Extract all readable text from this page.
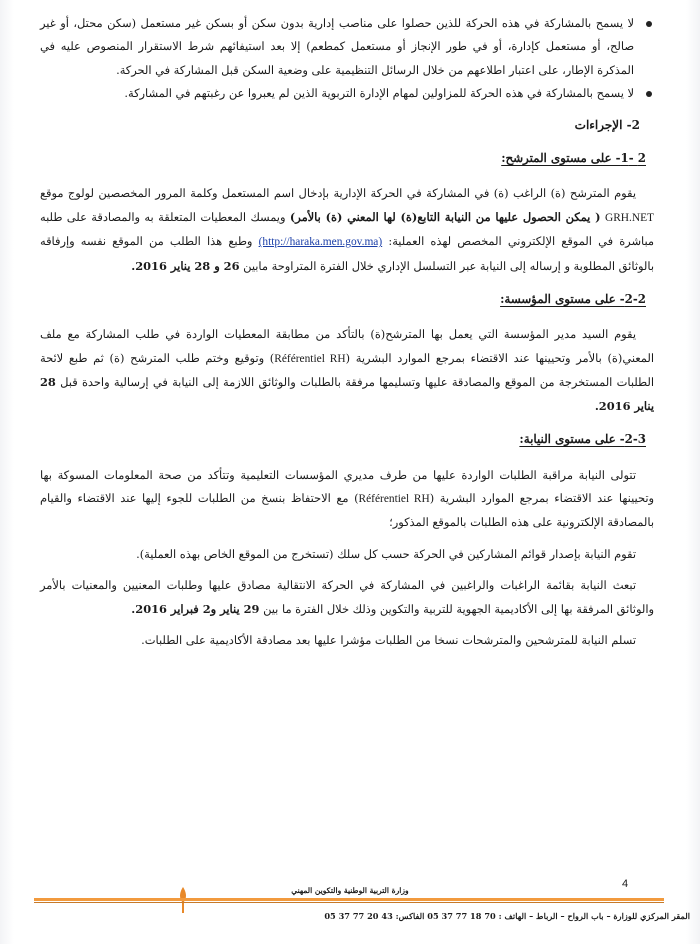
لا يسمح بالمشاركة في هذه الحركة للذين حصلوا على مناصب إدارية بدون سكن أو بسكن غير مستعمل (سكن محتل، أو غير صالح، أو مستعمل كإدارة، أو في طور الإنجاز أو مستعمل كمطعم) إلا بعد استيفائهم شرط الاستقرار المنصوص عليه في المذكرة الإطار، على اعتبار اطلاعهم من خلال الرسائل التنظيمية على وضعية السكن قبل المشاركة في الحركة.
لا يسمح بالمشاركة في هذه الحركة للمزاولين لمهام الإدارة التربوية الذين لم يعبروا عن رغبتهم في المشاركة.
2- الإجراءات
2 -1- على مستوى المترشح:

يقوم المترشح (ة) الراغب (ة) في المشاركة في الحركة الإدارية بإدخال اسم المستعمل وكلمة المرور المخصصين لولوج موقع GRH.NET ( يمكن الحصول عليها من النيابة التابع(ة) لها المعني (ة) بالأمر) ويمسك المعطيات المتعلقة به والمصادقة على طلبه مباشرة في الموقع الإلكتروني المخصص لهذه العملية: (http://haraka.men.gov.ma) وطبع هذا الطلب من الموقع نفسه وإرفاقه بالوثائق المطلوبة و إرساله إلى النيابة عبر التسلسل الإداري خلال الفترة المتراوحة مابين 26 و 28 يناير 2016.

2-2- على مستوى المؤسسة:

يقوم السيد مدير المؤسسة التي يعمل بها المترشح(ة) بالتأكد من مطابقة المعطيات الواردة في طلب المشاركة مع ملف المعني(ة) بالأمر وتحيينها عند الاقتضاء بمرجع الموارد البشرية (Référentiel RH) وتوقيع وختم طلب المترشح (ة) ثم طبع لائحة الطلبات المستخرجة من الموقع والمصادقة عليها وتسليمها مرفقة بالطلبات والوثائق اللازمة إلى النيابة في إرسالية واحدة قبل 28 يناير 2016.

2-3- على مستوى النيابة:

تتولى النيابة مراقبة الطلبات الواردة عليها من طرف مديري المؤسسات التعليمية وتتأكد من صحة المعلومات المسوكة بها وتحيينها عند الاقتضاء بمرجع الموارد البشرية (Référentiel RH) مع الاحتفاظ بنسخ من الطلبات للجوء إليها عند الاقتضاء والقيام بالمصادقة الإلكترونية على هذه الطلبات بالموقع المذكور؛

تقوم النيابة بإصدار قوائم المشاركين في الحركة حسب كل سلك (تستخرج من الموقع الخاص بهذه العملية).

تبعث النيابة بقائمة الراغبات والراغبين في المشاركة في الحركة الانتقالية مصادق عليها وطلبات المعنيين والمعنيات بالأمر والوثائق المرفقة بها إلى الأكاديمية الجهوية للتربية والتكوين وذلك خلال الفترة ما بين 29 يناير و2 فبراير 2016.

تسلم النيابة للمترشحين والمترشحات نسخا من الطلبات مؤشرا عليها بعد مصادقة الأكاديمية على الطلبات.

4
وزارة التربية الوطنية والتكوين المهني
المقر المركزي للوزارة – باب الرواح – الرباط – الهاتف : 70 18 77 37 05 الفاكس: 43 20 77 37 05
